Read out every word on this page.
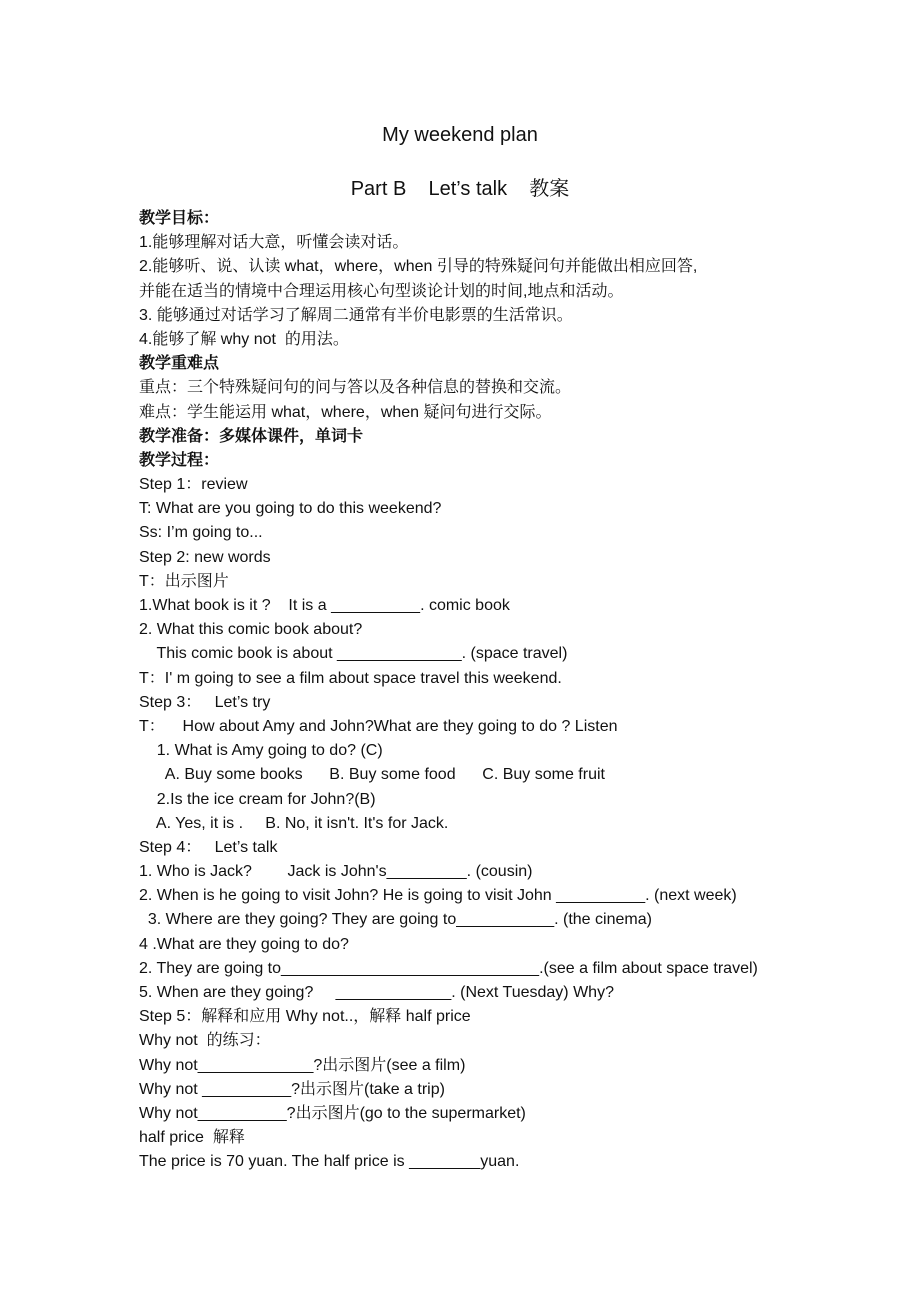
My weekend plan
Part B    Let’s talk    教案
教学目标：
1.能够理解对话大意，听懂会读对话。
2.能够听、说、认读 what，where，when 引导的特殊疑问句并能做出相应回答,
并能在适当的情境中合理运用核心句型谈论计划的时间,地点和活动。
3. 能够通过对话学习了解周二通常有半价电影票的生活常识。
4.能够了解 why not  的用法。
教学重难点
重点：三个特殊疑问句的问与答以及各种信息的替换和交流。
难点：学生能运用 what，where，when 疑问句进行交际。
教学准备：多媒体课件，单词卡
教学过程：
Step 1：review
T: What are you going to do this weekend?
Ss: I’m going to...
Step 2: new words
T：出示图片
1.What book is it ?    It is a __________. comic book
2. What this comic book about?
This comic book is about ______________. (space travel)
T：I' m going to see a film about space travel this weekend.
Step 3：   Let’s try
T：    How about Amy and John?What are they going to do ? Listen
1. What is Amy going to do? (C)
A. Buy some books      B. Buy some food      C. Buy some fruit
2.Is the ice cream for John?(B)
A. Yes, it is .     B. No, it isn't. It's for Jack.
Step 4：   Let’s talk
1. Who is Jack?        Jack is John's_________. (cousin)
2. When is he going to visit John? He is going to visit John __________. (next week)
3. Where are they going? They are going to___________. (the cinema)
4 .What are they going to do?
2. They are going to_____________________________.(see a film about space travel)
5. When are they going?     _____________. (Next Tuesday) Why?
Step 5：解释和应用 Why not..，解释 half price
Why not  的练习：
Why not_____________?出示图片(see a film)
Why not __________?出示图片(take a trip)
Why not__________?出示图片(go to the supermarket)
half price  解释
The price is 70 yuan. The half price is ________yuan.
